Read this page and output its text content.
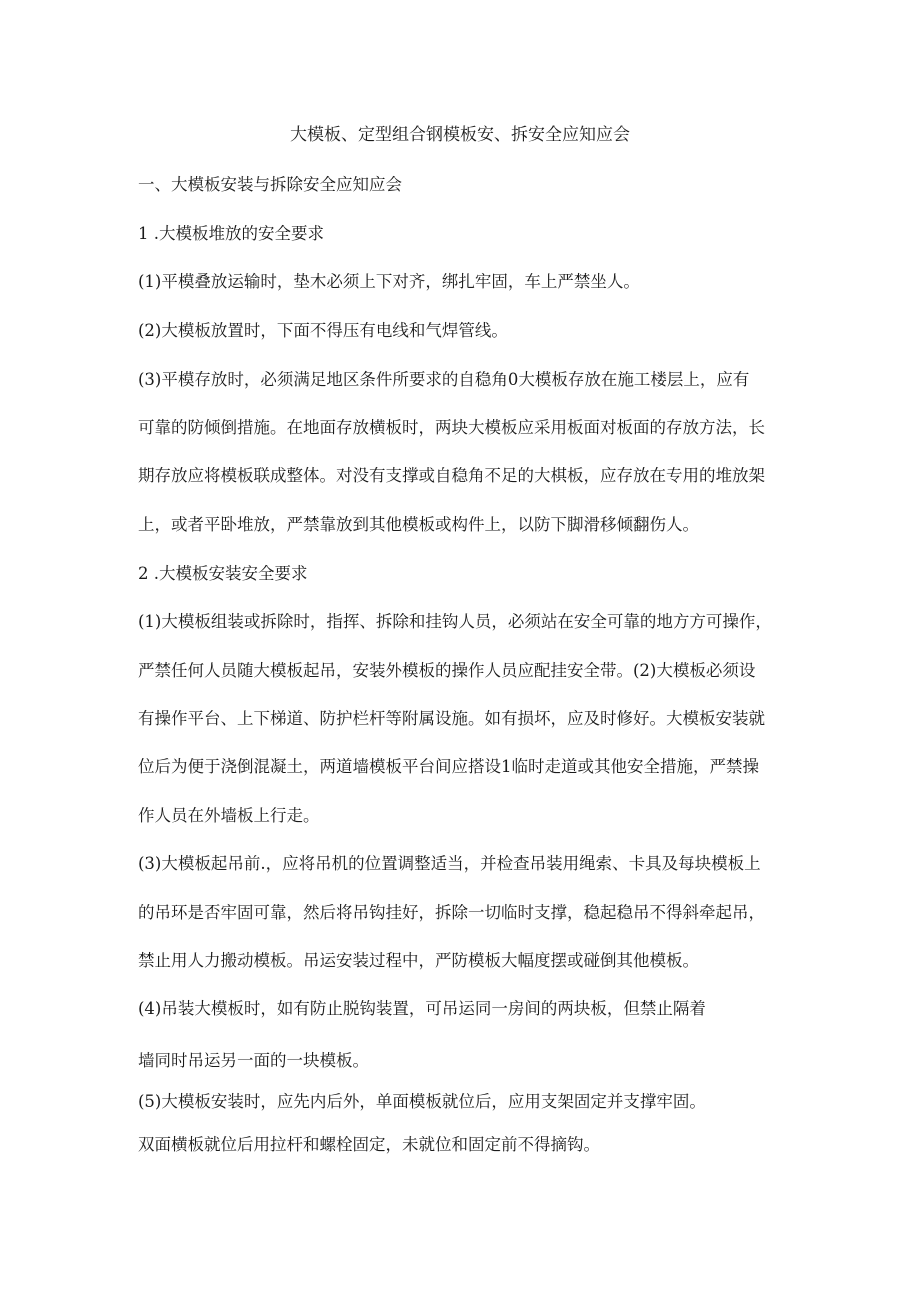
大模板、定型组合钢模板安、拆安全应知应会
一、大模板安装与拆除安全应知应会
1 .大模板堆放的安全要求
(1)平模叠放运输时，垫木必须上下对齐，绑扎牢固，车上严禁坐人。
(2)大模板放置时，下面不得压有电线和气焊管线。
(3)平模存放时，必须满足地区条件所要求的自稳角0大模板存放在施工楼层上，应有
可靠的防倾倒措施。在地面存放横板时，两块大模板应采用板面对板面的存放方法，长
期存放应将模板联成整体。对没有支撑或自稳角不足的大棋板，应存放在专用的堆放架
上，或者平卧堆放，严禁靠放到其他模板或构件上，以防下脚滑移倾翻伤人。
2 .大模板安装安全要求
(1)大模板组装或拆除时，指挥、拆除和挂钩人员，必须站在安全可靠的地方方可操作，
严禁任何人员随大模板起吊，安装外模板的操作人员应配挂安全带。(2)大模板必须设
有操作平台、上下梯道、防护栏杆等附属设施。如有损坏，应及时修好。大模板安装就
位后为便于浇倒混凝土，两道墙模板平台间应搭设1临时走道或其他安全措施，严禁操
作人员在外墙板上行走。
(3)大模板起吊前.，应将吊机的位置调整适当，并检查吊装用绳索、卡具及每块模板上
的吊环是否牢固可靠，然后将吊钩挂好，拆除一切临时支撑，稳起稳吊不得斜牵起吊，
禁止用人力搬动模板。吊运安装过程中，严防模板大幅度摆或碰倒其他模板。
(4)吊装大模板时，如有防止脱钩装置，可吊运同一房间的两块板，但禁止隔着
墙同时吊运另一面的一块模板。
(5)大模板安装时，应先内后外，单面模板就位后，应用支架固定并支撑牢固。
双面横板就位后用拉杆和螺栓固定，未就位和固定前不得摘钩。
